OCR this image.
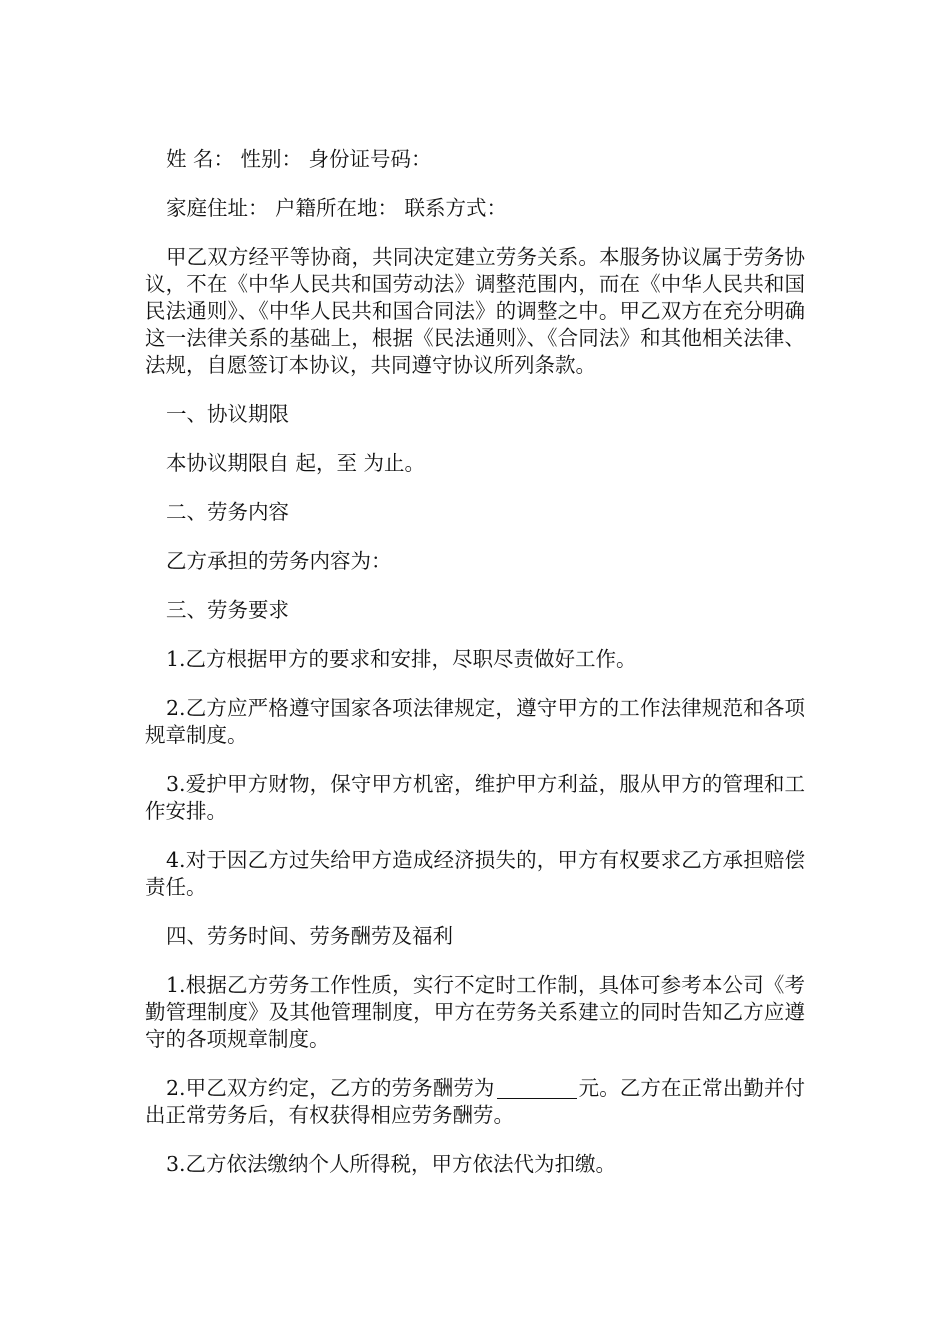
姓 名： 性别： 身份证号码：

家庭住址： 户籍所在地： 联系方式：

甲乙双方经平等协商，共同决定建立劳务关系。本服务协议属于劳务协议，不在《中华人民共和国劳动法》调整范围内，而在《中华人民共和国民法通则》、《中华人民共和国合同法》的调整之中。甲乙双方在充分明确这一法律关系的基础上，根据《民法通则》、《合同法》和其他相关法律、法规，自愿签订本协议，共同遵守协议所列条款。

一、协议期限

本协议期限自 起，至 为止。

二、劳务内容

乙方承担的劳务内容为：

三、劳务要求

1.乙方根据甲方的要求和安排，尽职尽责做好工作。

2.乙方应严格遵守国家各项法律规定，遵守甲方的工作法律规范和各项规章制度。

3.爱护甲方财物，保守甲方机密，维护甲方利益，服从甲方的管理和工作安排。

4.对于因乙方过失给甲方造成经济损失的，甲方有权要求乙方承担赔偿责任。

四、劳务时间、劳务酬劳及福利

1.根据乙方劳务工作性质，实行不定时工作制，具体可参考本公司《考勤管理制度》及其他管理制度，甲方在劳务关系建立的同时告知乙方应遵守的各项规章制度。

2.甲乙双方约定，乙方的劳务酬劳为	元。乙方在正常出勤并付出正常劳务后，有权获得相应劳务酬劳。

3.乙方依法缴纳个人所得税，甲方依法代为扣缴。
